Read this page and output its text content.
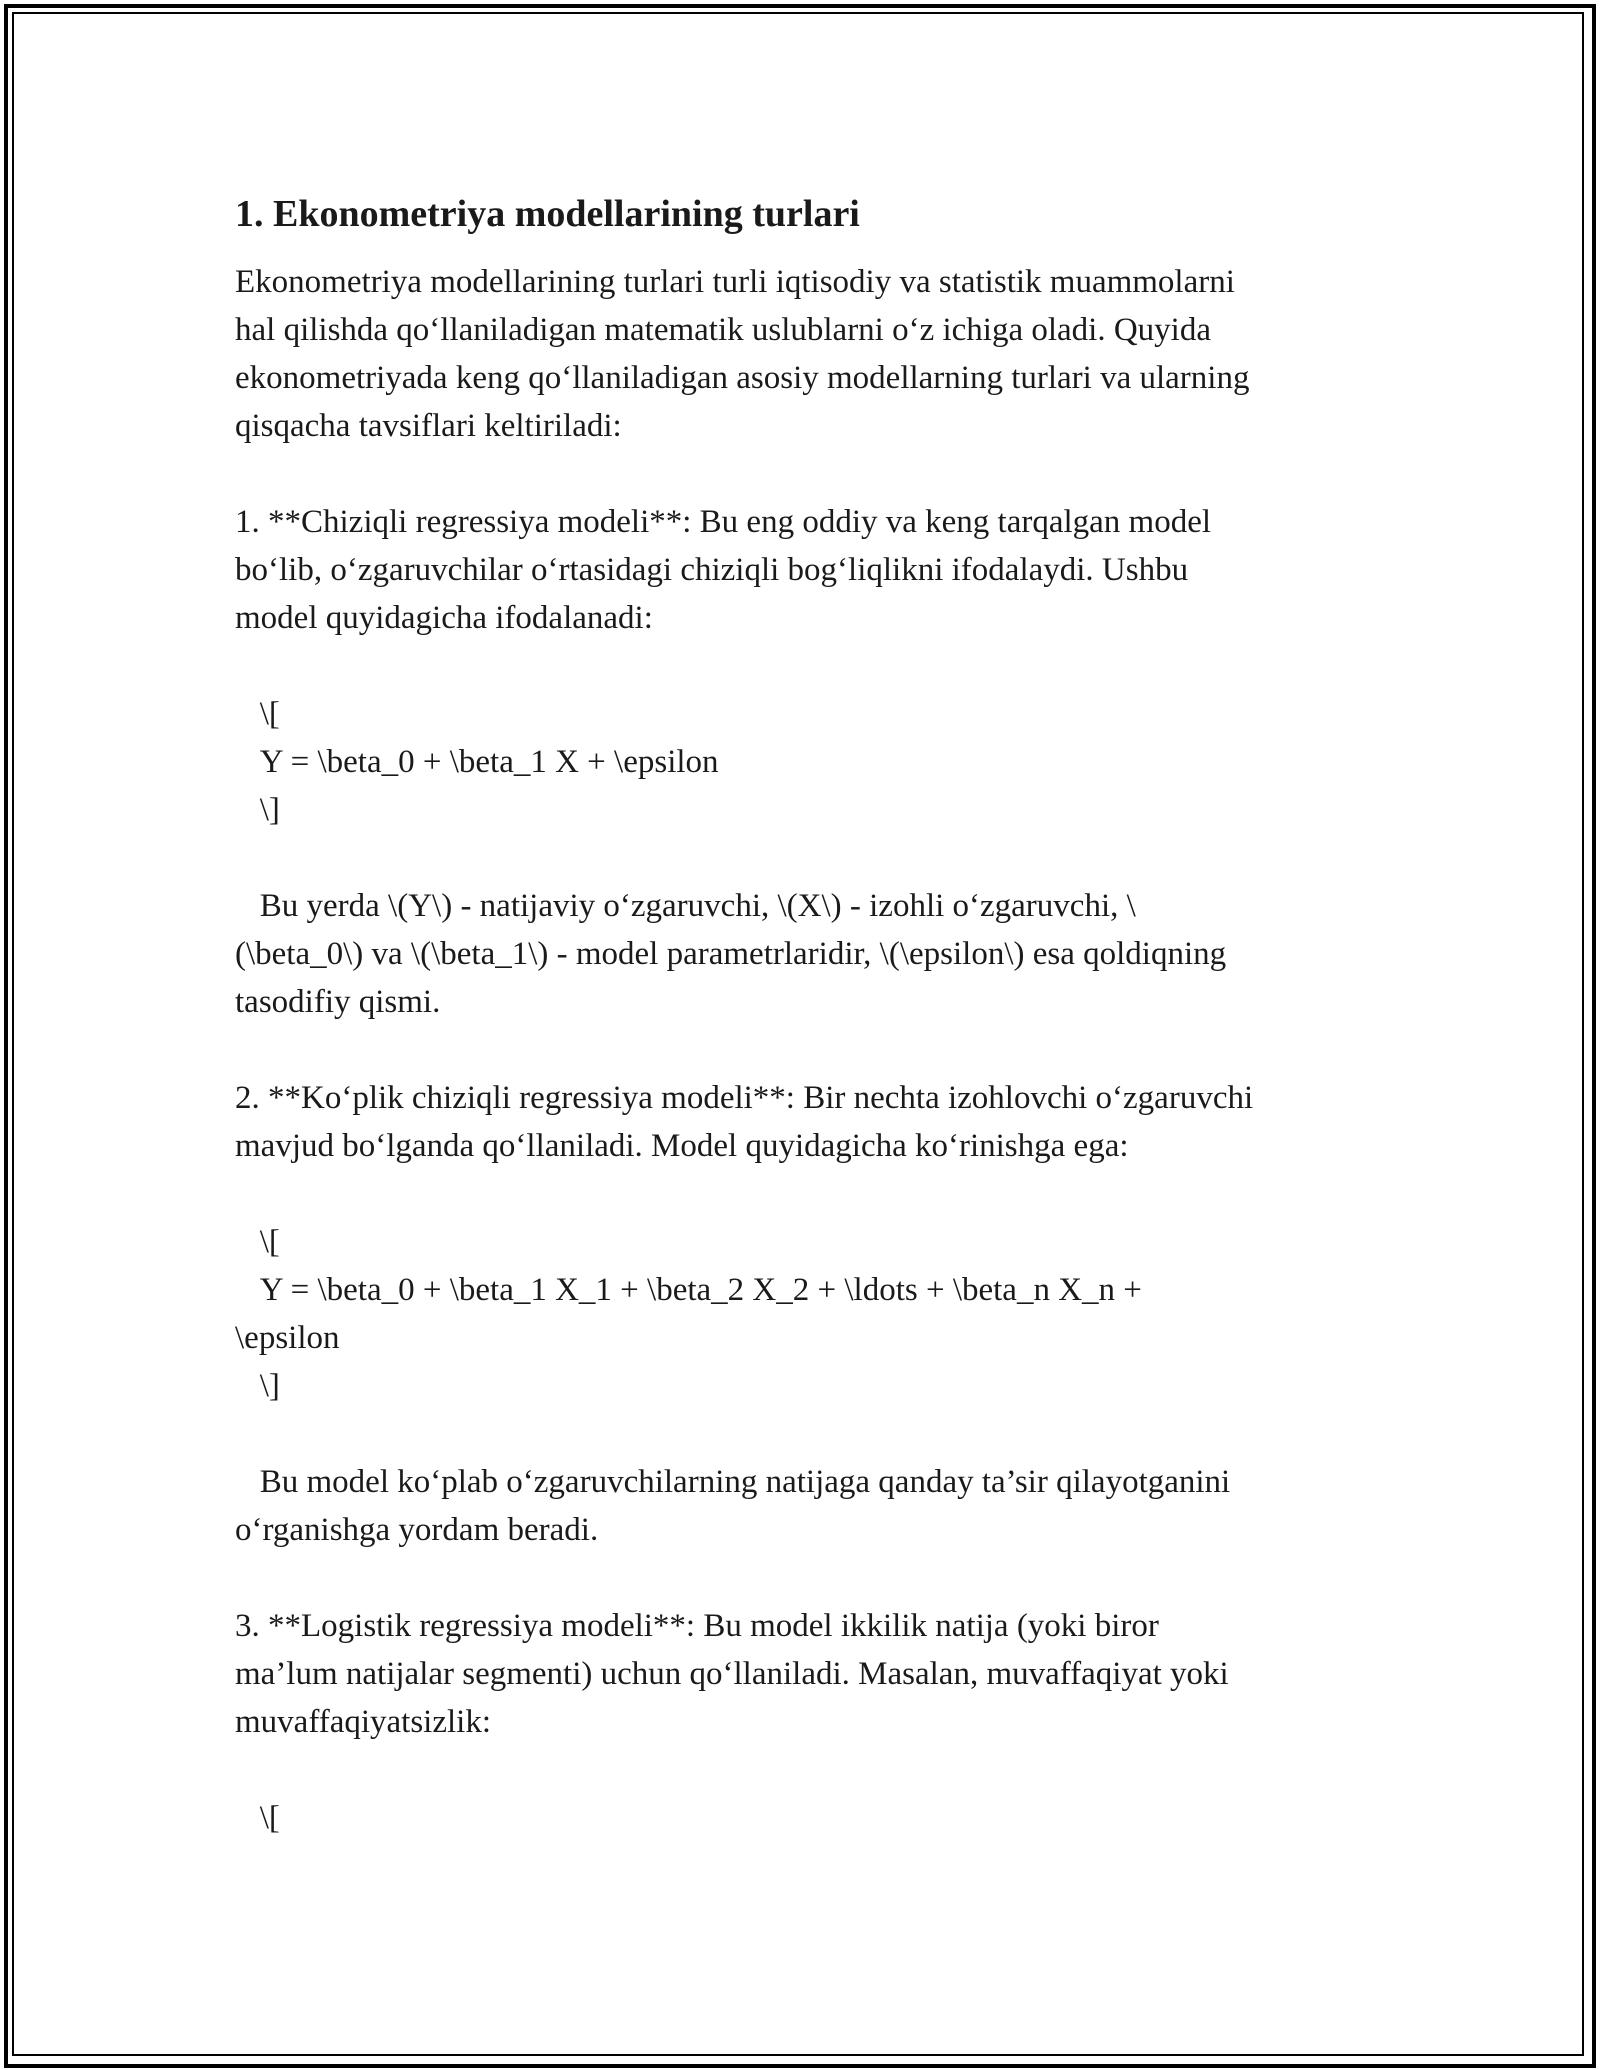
1. Ekonometriya modellarining turlari

Ekonometriya modellarining turlari turli iqtisodiy va statistik muammolarni
hal qilishda qo‘llaniladigan matematik uslublarni o‘z ichiga oladi. Quyida
ekonometriyada keng qo‘llaniladigan asosiy modellarning turlari va ularning
qisqacha tavsiflari keltiriladi:

1. **Chiziqli regressiya modeli**: Bu eng oddiy va keng tarqalgan model
bo‘lib, o‘zgaruvchilar o‘rtasidagi chiziqli bog‘liqlikni ifodalaydi. Ushbu
model quyidagicha ifodalanadi:

\[
Y = \beta_0 + \beta_1 X + \epsilon
\]

Bu yerda \(Y\) - natijaviy o‘zgaruvchi, \(X\) - izohli o‘zgaruvchi, \
(\beta_0\) va \(\beta_1\) - model parametrlaridir, \(\epsilon\) esa qoldiqning
tasodifiy qismi.

2. **Ko‘plik chiziqli regressiya modeli**: Bir nechta izohlovchi o‘zgaruvchi
mavjud bo‘lganda qo‘llaniladi. Model quyidagicha ko‘rinishga ega:

\[
Y = \beta_0 + \beta_1 X_1 + \beta_2 X_2 + \ldots + \beta_n X_n +
\epsilon
\]

Bu model ko‘plab o‘zgaruvchilarning natijaga qanday ta’sir qilayotganini
o‘rganishga yordam beradi.

3. **Logistik regressiya modeli**: Bu model ikkilik natija (yoki biror
ma’lum natijalar segmenti) uchun qo‘llaniladi. Masalan, muvaffaqiyat yoki
muvaffaqiyatsizlik:

\[
